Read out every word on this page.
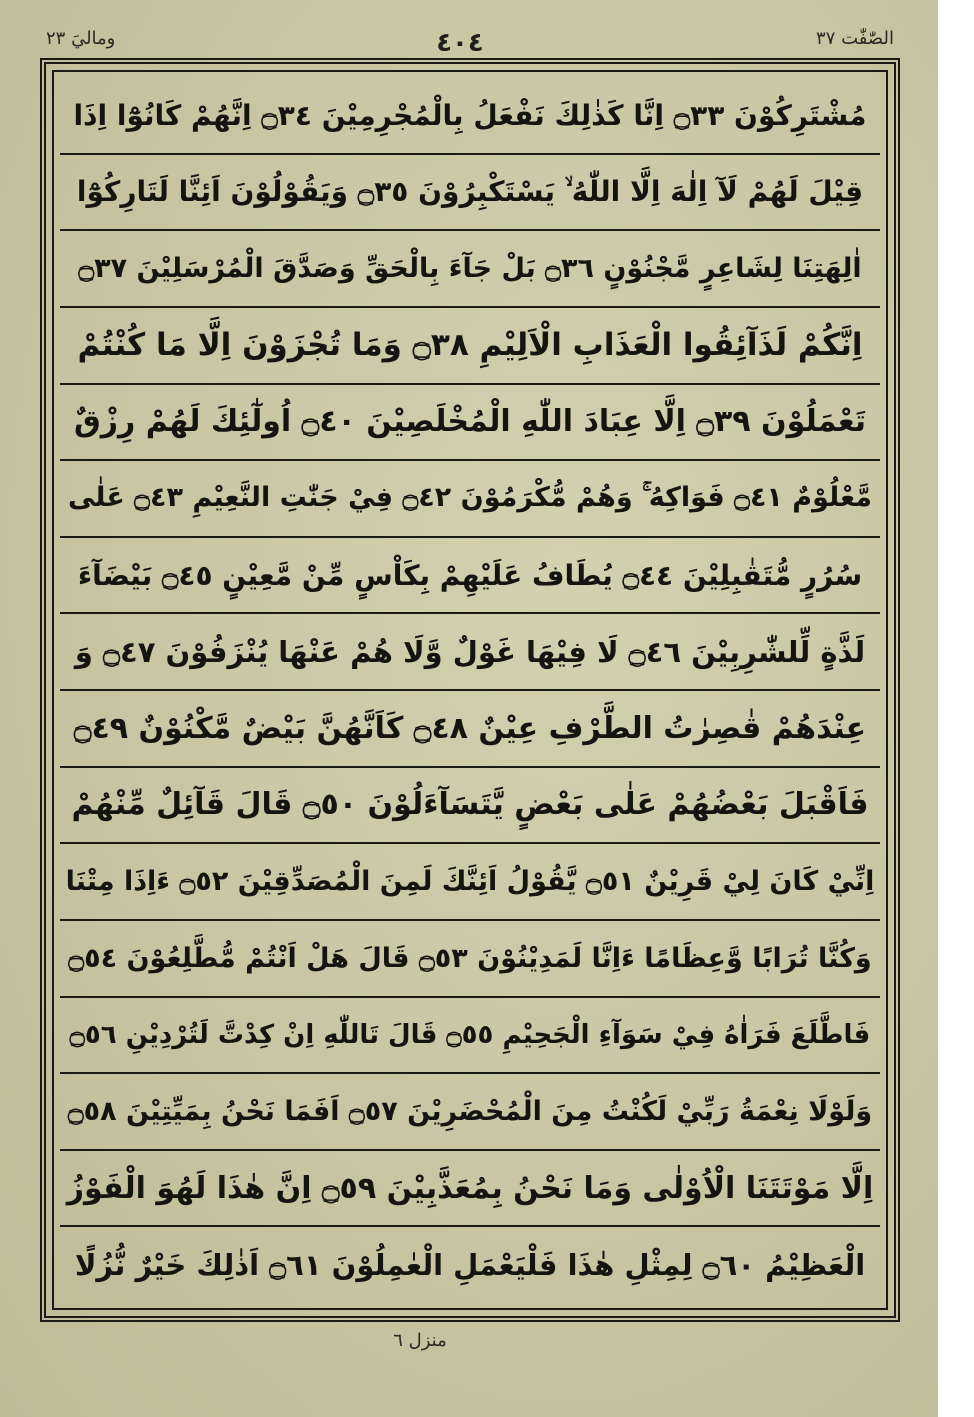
وماليَ ٢٣	٤٠٤	الصّٰفّٰت ٣٧
مُشْتَرِكُوْنَ ۝٣٣ اِنَّا كَذٰلِكَ نَفْعَلُ بِالْمُجْرِمِيْنَ ۝٣٤ اِنَّهُمْ كَانُوْٓا اِذَا
قِيْلَ لَهُمْ لَآ اِلٰهَ اِلَّا اللّٰهُ ۙ يَسْتَكْبِرُوْنَ ۝٣٥ وَيَقُوْلُوْنَ اَئِنَّا لَتَارِكُوْٓا
اٰلِهَتِنَا لِشَاعِرٍ مَّجْنُوْنٍ ۝٣٦ بَلْ جَآءَ بِالْحَقِّ وَصَدَّقَ الْمُرْسَلِيْنَ ۝٣٧
اِنَّكُمْ لَذَآئِقُوا الْعَذَابِ الْاَلِيْمِ ۝٣٨ وَمَا تُجْزَوْنَ اِلَّا مَا كُنْتُمْ
تَعْمَلُوْنَ ۝٣٩ اِلَّا عِبَادَ اللّٰهِ الْمُخْلَصِيْنَ ۝٤٠ اُولٰٓئِكَ لَهُمْ رِزْقٌ
مَّعْلُوْمٌ ۝٤١ فَوَاكِهُ ۚ وَهُمْ مُّكْرَمُوْنَ ۝٤٢ فِيْ جَنّٰتِ النَّعِيْمِ ۝٤٣ عَلٰى
سُرُرٍ مُّتَقٰبِلِيْنَ ۝٤٤ يُطَافُ عَلَيْهِمْ بِكَاْسٍ مِّنْ مَّعِيْنٍ ۝٤٥ بَيْضَآءَ
لَذَّةٍ لِّلشّٰرِبِيْنَ ۝٤٦ لَا فِيْهَا غَوْلٌ وَّلَا هُمْ عَنْهَا يُنْزَفُوْنَ ۝٤٧ وَ
عِنْدَهُمْ قٰصِرٰتُ الطَّرْفِ عِيْنٌ ۝٤٨ كَاَنَّهُنَّ بَيْضٌ مَّكْنُوْنٌ ۝٤٩
فَاَقْبَلَ بَعْضُهُمْ عَلٰى بَعْضٍ يَّتَسَآءَلُوْنَ ۝٥٠ قَالَ قَآئِلٌ مِّنْهُمْ
اِنِّيْ كَانَ لِيْ قَرِيْنٌ ۝٥١ يَّقُوْلُ اَئِنَّكَ لَمِنَ الْمُصَدِّقِيْنَ ۝٥٢ ءَاِذَا مِتْنَا
وَكُنَّا تُرَابًا وَّعِظَامًا ءَاِنَّا لَمَدِيْنُوْنَ ۝٥٣ قَالَ هَلْ اَنْتُمْ مُّطَّلِعُوْنَ ۝٥٤
فَاطَّلَعَ فَرَاٰهُ فِيْ سَوَآءِ الْجَحِيْمِ ۝٥٥ قَالَ تَاللّٰهِ اِنْ كِدْتَّ لَتُرْدِيْنِ ۝٥٦
وَلَوْلَا نِعْمَةُ رَبِّيْ لَكُنْتُ مِنَ الْمُحْضَرِيْنَ ۝٥٧ اَفَمَا نَحْنُ بِمَيِّتِيْنَ ۝٥٨
اِلَّا مَوْتَتَنَا الْاُوْلٰى وَمَا نَحْنُ بِمُعَذَّبِيْنَ ۝٥٩ اِنَّ هٰذَا لَهُوَ الْفَوْزُ
الْعَظِيْمُ ۝٦٠ لِمِثْلِ هٰذَا فَلْيَعْمَلِ الْعٰمِلُوْنَ ۝٦١ اَذٰلِكَ خَيْرٌ نُّزُلًا
منزل ٦
